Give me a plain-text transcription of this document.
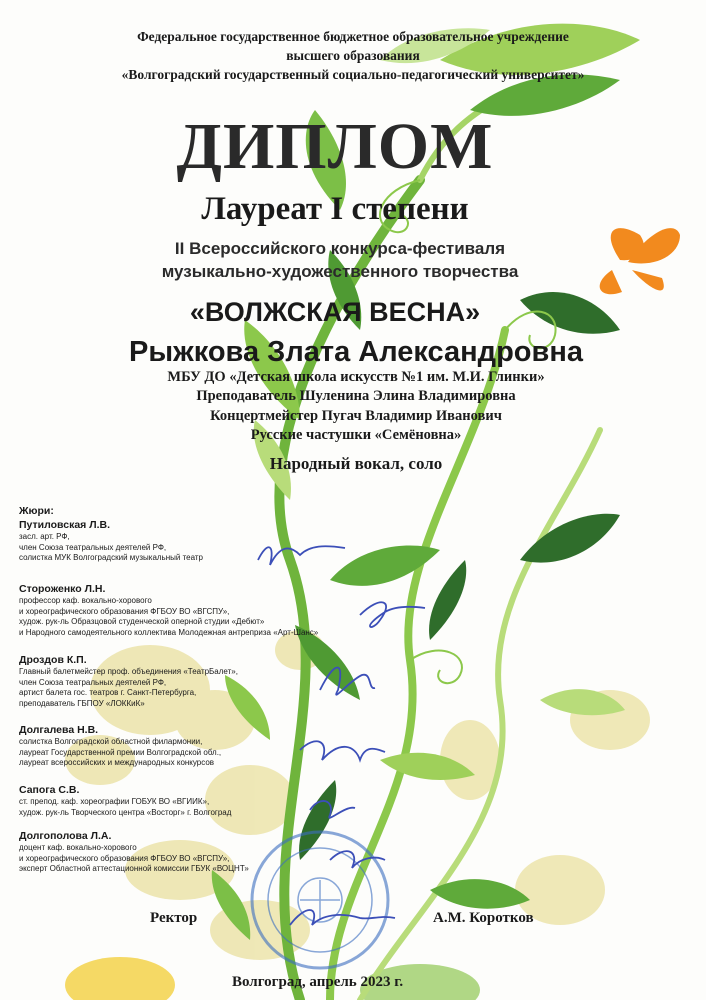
Федеральное государственное бюджетное образовательное учреждение
высшего образования
«Волгоградский государственный социально-педагогический университет»
ДИПЛОМ
Лауреат I степени
II Всероссийского конкурса-фестиваля
музыкально-художественного творчества
«ВОЛЖСКАЯ ВЕСНА»
Рыжкова Злата Александровна
МБУ ДО «Детская школа искусств №1 им. М.И. Глинки»
Преподаватель Шуленина Элина Владимировна
Концертмейстер Пугач Владимир Иванович
Русские частушки «Семёновна»
Народный вокал, соло
Жюри:
Путиловская Л.В.
засл. арт. РФ,
член Союза театральных деятелей РФ,
солистка МУК Волгоградский музыкальный театр
Стороженко Л.Н.
профессор каф. вокально-хорового
и хореографического образования ФГБОУ ВО «ВГСПУ»,
худож. рук-ль Образцовой студенческой оперной студии «Дебют»
и Народного самодеятельного коллектива Молодежная антреприза «Арт-Шанс»
Дроздов К.П.
Главный балетмейстер проф. объединения «ТеатрБалет»,
член Союза театральных деятелей РФ,
артист балета гос. театров г. Санкт-Петербурга,
преподаватель ГБПОУ «ЛОККиК»
Долгалева Н.В.
солистка Волгоградской областной филармонии,
лауреат Государственной премии Волгоградской обл.,
лауреат всероссийских и международных конкурсов
Сапога С.В.
ст. препод. каф. хореографии ГОБУК ВО «ВГИИК»,
худож. рук-ль Творческого центра «Восторг» г. Волгоград
Долгополова Л.А.
доцент каф. вокально-хорового
и хореографического образования ФГБОУ ВО «ВГСПУ»,
эксперт Областной аттестационной комиссии ГБУК «ВОЦНТ»
Ректор	А.М. Коротков
Волгоград, апрель 2023 г.
